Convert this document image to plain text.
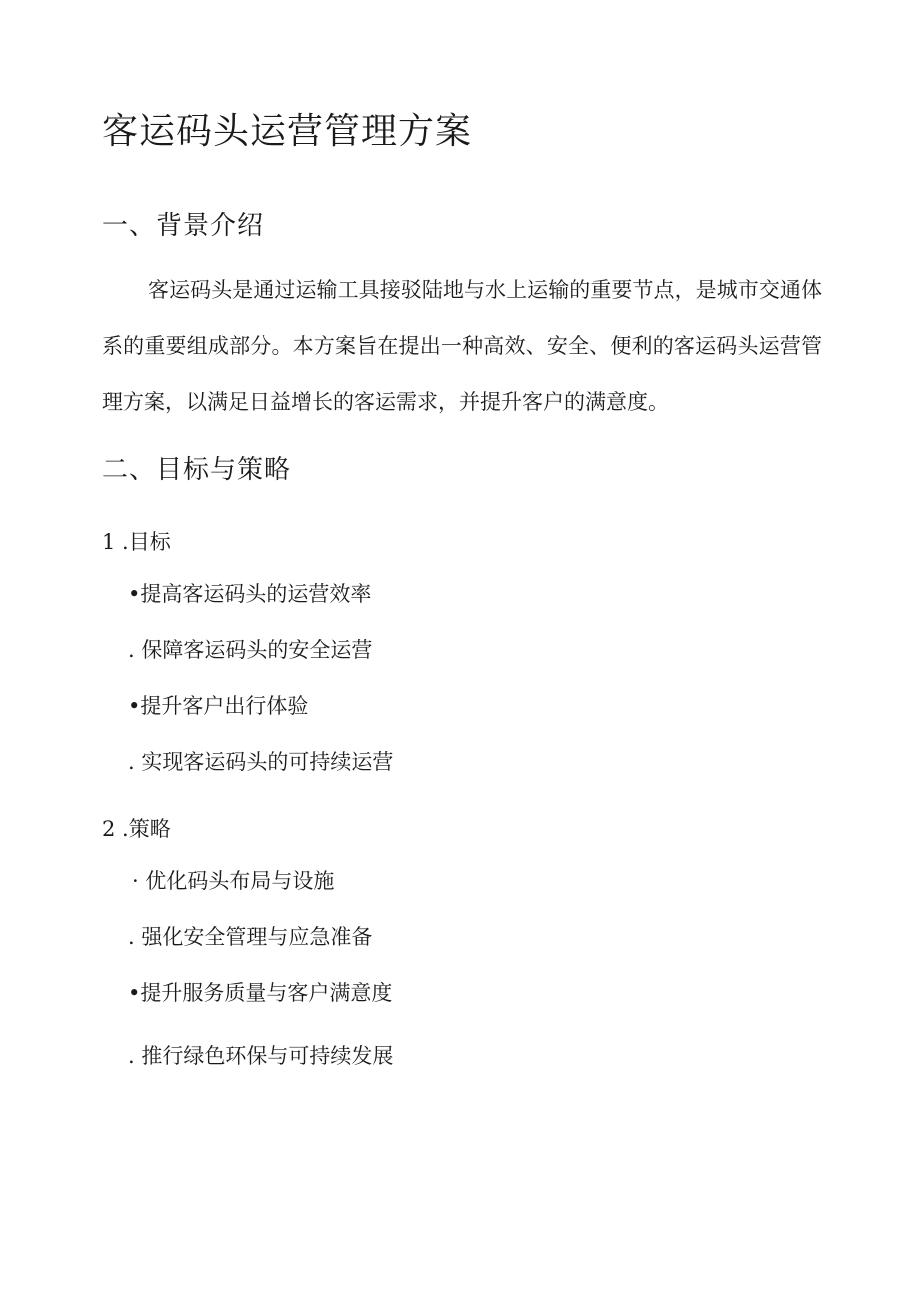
客运码头运营管理方案
一、背景介绍
客运码头是通过运输工具接驳陆地与水上运输的重要节点，是城市交通体系的重要组成部分。本方案旨在提出一种高效、安全、便利的客运码头运营管理方案，以满足日益增长的客运需求，并提升客户的满意度。
二、目标与策略
1 .目标
•提高客运码头的运营效率
. 保障客运码头的安全运营
•提升客户出行体验
. 实现客运码头的可持续运营
2 .策略
· 优化码头布局与设施
. 强化安全管理与应急准备
•提升服务质量与客户满意度
. 推行绿色环保与可持续发展
